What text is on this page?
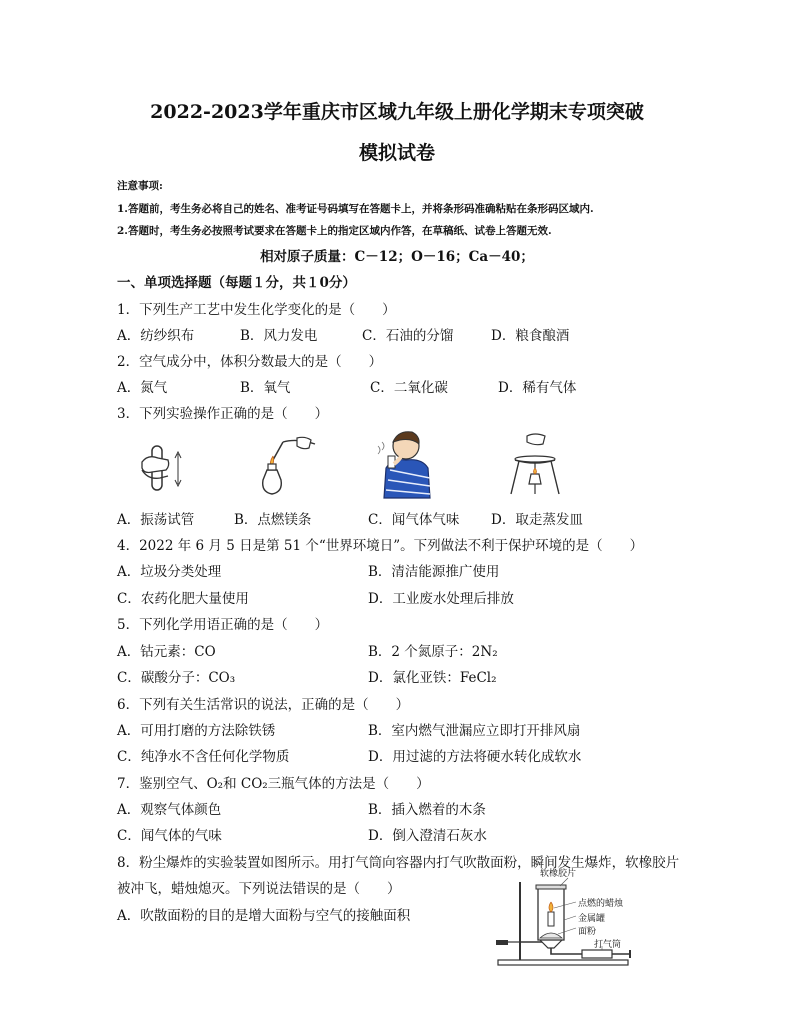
2022-2023学年重庆市区域九年级上册化学期末专项突破
模拟试卷
注意事项:
1.答题前，考生务必将自己的姓名、准考证号码填写在答题卡上，并将条形码准确粘贴在条形码区域内.
2.答题时，考生务必按照考试要求在答题卡上的指定区域内作答，在草稿纸、试卷上答题无效.
相对原子质量：C－12；O－16；Ca－40；
一、单项选择题（每题１分，共１0分）
1．下列生产工艺中发生化学变化的是（　　）
A．纺纱织布	B．风力发电	C．石油的分馏	D．粮食酿酒
2．空气成分中，体积分数最大的是（　　）
A．氮气	B．氧气	C．二氧化碳	D．稀有气体
3．下列实验操作正确的是（　　）
A．振荡试管	B．点燃镁条	C．闻气体气味 D．取走蒸发皿
4．2022 年 6 月 5 日是第 51 个“世界环境日”。下列做法不利于保护环境的是（　　）
A．垃圾分类处理	B．清洁能源推广使用
C．农药化肥大量使用	D．工业废水处理后排放
5．下列化学用语正确的是（　　）
A．钴元素：CO	B．2 个氮原子：2N₂
C．碳酸分子：CO₃	D．氯化亚铁：FeCl₂
6．下列有关生活常识的说法，正确的是（　　）
A．可用打磨的方法除铁锈	B．室内燃气泄漏应立即打开排风扇
C．纯净水不含任何化学物质	D．用过滤的方法将硬水转化成软水
7．鉴别空气、O₂和 CO₂三瓶气体的方法是（　　）
A．观察气体颜色	B．插入燃着的木条
C．闻气体的气味	D．倒入澄清石灰水
8．粉尘爆炸的实验装置如图所示。用打气筒向容器内打气吹散面粉，瞬间发生爆炸，软橡胶片
被冲飞，蜡烛熄灭。下列说法错误的是（　　）
A．吹散面粉的目的是增大面粉与空气的接触面积
软橡胶片
点燃的蜡烛
金属罐
面粉
打气筒
